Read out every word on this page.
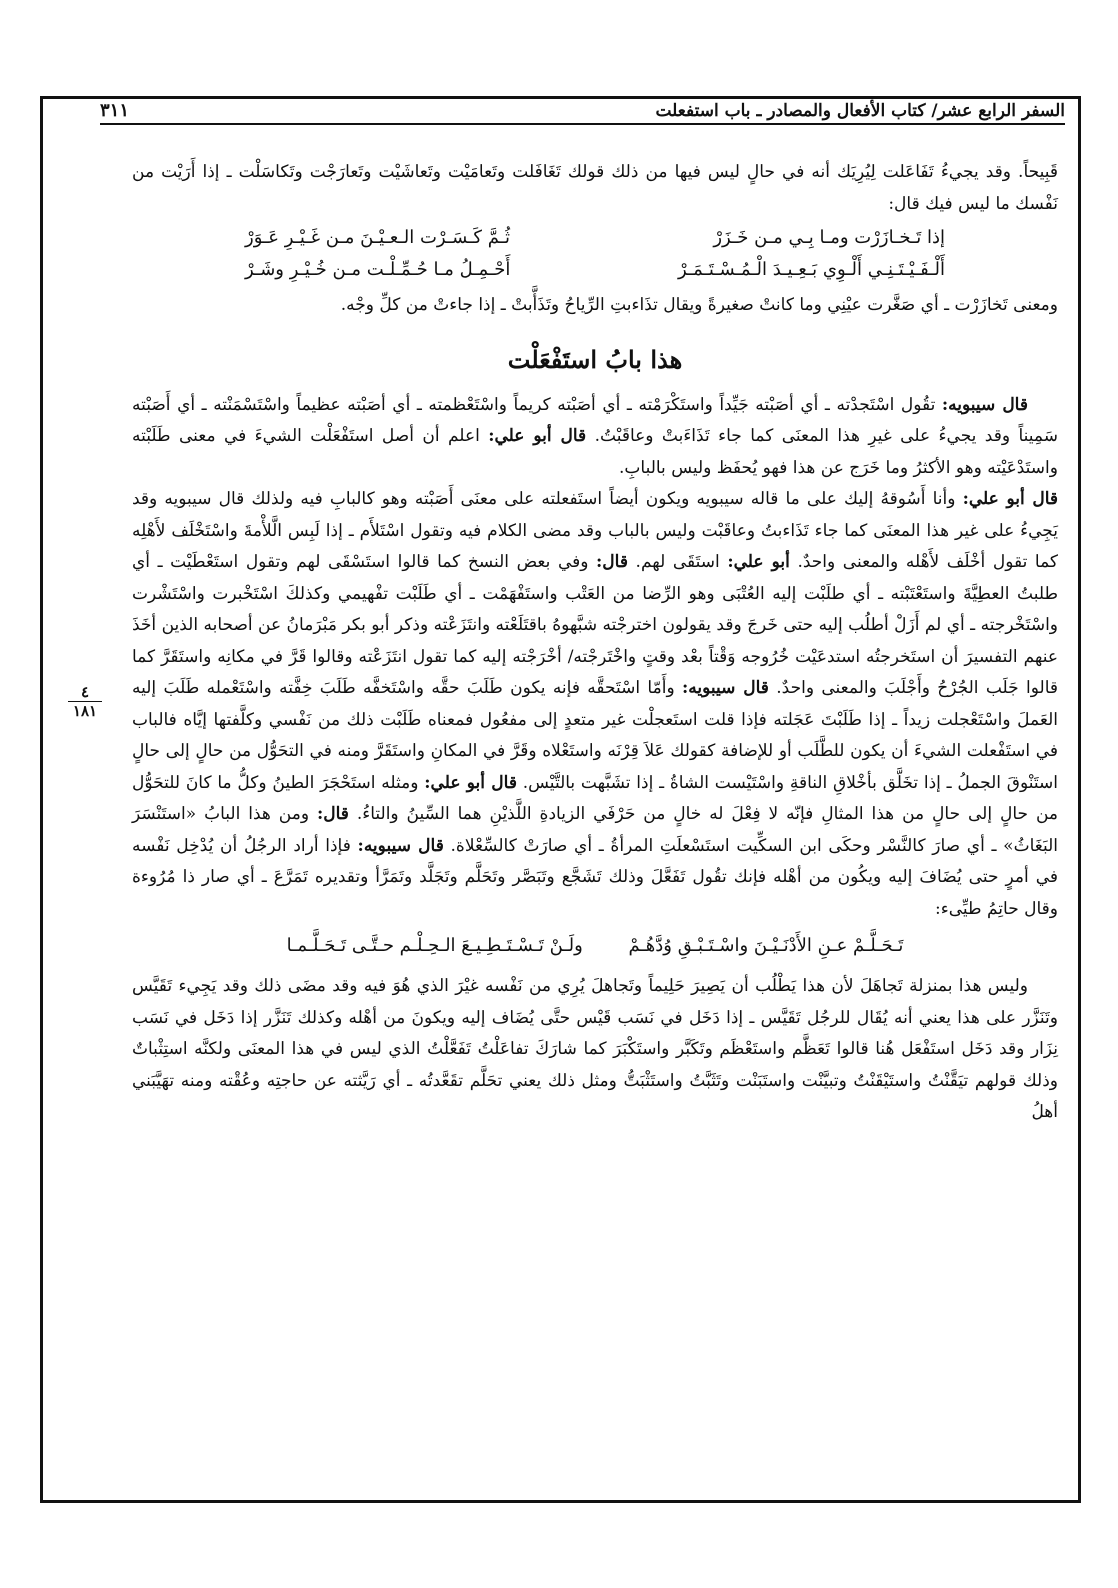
السفر الرابع عشر/ كتاب الأفعال والمصادر ـ باب استفعلت
٣١١
٤
١٨١

قَبِيحاً. وقد يجيءُ تَفَاعَلت لِيُرِيَك أنه في حالٍ ليس فيها من ذلك قولك تَغَافَلت وتَعامَيْت وتَعاشَيْت وتَعارَجْت وتَكاسَلْت ـ إذا أَرَيْت من نَفْسك ما ليس فيك قال:

إذا تَـخـازَرْت ومـا بِـي مـن خَـزَرْ
ثُـمَّ كَـسَـرْت الـعـيْـنَ مـن غَـيْـرِ عَـوَرْ
أَلْـفَـيْـتَـنِـي أَلْـوِي بَـعِـيـدَ الْـمُـسْـتَـمَـرْ
أَحْـمِـلُ مـا حُـمِّـلْـت مـن خُـيْـرِ وشَـرْ

ومعنى تَخازَرْت ـ أي صَغَّرت عيْنِي وما كانتْ صغيرةً ويقال تذَاءبتِ الرِّياحُ وتَذَأَّبتْ ـ إذا جاءتْ من كلِّ وجْه.

هذا بابُ استَفْعَلْت

قال سيبويه: تقُول اسْتَجدْته ـ أي أصَبْته جَيِّداً واستَكْرَمْته ـ أي أصَبْته كريماً واسْتَعْظمته ـ أي أصَبْته عظيماً واسْتَسْمَنْته ـ أي أَصَبْته سَمِيناً وقد يجيءُ على غيرِ هذا المعنَى كما جاء تَذَاءَبتْ وعاقَبْتُ. قال أبو علي: اعلم أن أصل استَفْعَلْت الشيءَ في معنى طَلَبْته واستَدْعَيْته وهو الأكثرُ وما خَرَج عن هذا فهو يُحفَظ وليس بالبابِ.

قال أبو علي: وأنا أَسُوقهُ إليك على ما قاله سيبويه ويكون أيضاً استَفعلته على معنَى أَصَبْته وهو كالبابِ فيه ولذلك قال سيبويه وقد يَجِيءُ على غير هذا المعنَى كما جاء تَذَاءبتُ وعاقَبْت وليس بالباب وقد مضى الكلام فيه وتقول اسْتَلأَم ـ إذا لَبِس الَّلأْمةَ واسْتَخْلَف لأَهْلِه كما تقول أخْلَف لأَهْله والمعنى واحدٌ. أبو علي: استَقَى لهم. قال: وفي بعض النسخ كما قالوا استَسْقَى لهم وتقول استَعْطَيْت ـ أي طلبتُ العطِيَّةَ واستَعْتَبْته ـ أي طلَبْت إليه العُتْبَى وهو الرِّضا من العَتْب واستَفْهَمْت ـ أي طَلَبْت تفْهيمي وكذلكَ اسْتَخْبرت واسْتَشْرت واسْتَخْرجته ـ أي لم أَزَلْ أطلُب إليه حتى خَرجَ وقد يقولون اخترجْته شبَّهوهُ باقتَلَعْته وانتَزَعْته وذكر أبو بكر مَبْرَمانُ عن أصحابه الذين أخَذَ عنهم التفسيرَ أن استَخرجتُه استدعَيْت خُرُوجه وَقْتاً بعْد وقتٍ واخْتَرجْته/ أخْرَجْته إليه كما تقول انتَزَعْته وقالوا قَرَّ في مكانِه واستَقَرَّ كما قالوا جَلَب الجُرْحُ وأَجْلَبَ والمعنى واحدٌ. قال سيبويه: وأَمّا اسْتَحقَّه فإنه يكون طَلَبَ حقَّه واسْتَخفَّه طَلَبَ خِفَّته واسْتَعْمله طَلَبَ إليه العَملَ واسْتَعْجلت زيداً ـ إذا طَلَبْتَ عَجَلته فإذا قلت استَعجلْت غير متعدٍ إلى مفعُول فمعناه طَلَبْت ذلك من نَفْسي وكلَّفتها إيَّاه فالباب في استَفْعلت الشيءَ أن يكون للطَّلَب أو للإضافة كقولك عَلاَ قِرْنَه واستَعْلاه وقَرَّ في المكانِ واستَقَرَّ ومنه في التحَوُّل من حالٍ إلى حالٍ استَنْوقَ الجملُ ـ إذا تخَلَّق بأخْلاقِ الناقةِ واسْتَيْست الشاةُ ـ إذا تشَبَّهت بالتَّيْس. قال أبو علي: ومثله استَحْجَرَ الطينُ وكلُّ ما كانَ للتحَوُّل من حالٍ إلى حالٍ من هذا المثالِ فإنّه لا فِعْلَ له خالٍ من حَرْفَي الزيادةِ اللَّذيْنِ هما السِّينُ والتاءُ. قال: ومن هذا البابُ «استَنْسَرَ البَغَاثُ» ـ أي صارَ كالنَّسْر وحكَى ابن السكِّيت استَسْعلَتِ المرأةُ ـ أي صارَتْ كالسِّعْلاة. قال سيبويه: فإذا أراد الرجُلُ أن يُدْخِل نَفْسه في أمرٍ حتى يُضَافَ إليه ويكُون من أهْله فإنك تقُول تَفَعَّلَ وذلك تَشَجَّع وتَبَصَّر وتَحَلَّم وتَجَلَّد وتَمَرَّأ وتقديره تَمَرَّعَ ـ أي صار ذا مُرُوءة وقال حاتِمُ طيِّىء:

تَـحَـلَّـمْ عـنِ الأَدْنَـيْـنَ واسْـتَـبْـقِ وُدَّهُـمْ ولَـنْ تَـسْـتَـطِـيـعَ الـحِـلْـم حـتَّـى تَـحَـلَّـمـا

وليس هذا بمنزلة تَجاهَلَ لأن هذا يَطْلُب أن يَصِيرَ حَلِيماً وتَجاهلَ يُرِي من نَفْسه غيْرَ الذي هُوَ فيه وقد مضَى ذلك وقد يَجِيء تَقَيَّس وتَنَزَّر على هذا يعني أنه يُقَال للرجُل تَقَيَّس ـ إذا دَخَل في نَسَب قَيْس حتَّى يُضَاف إليه ويكونَ من أهْله وكذلك تَنَزَّر إذا دَخَل في نَسَب نِزَار وقد دَخَل استَفْعَل هُنا قالوا تَعَظَّم واستَعْظَم وتَكَبَّر واستَكْبَرَ كما شارَكَ تفاعَلْتُ تَفَعَّلْتُ الذي ليس في هذا المعنَى ولكنَّه استِثْباتٌ وذلك قولهم تيَقَّنْتُ واستَيْقَنْتُ وتبيَّنْت واستَبَنْت وتَثَبَّتُ واستَثْبَتُّ ومثل ذلك يعني تحَلَّم تقَعَّدتُه ـ أي رَيَّثته عن حاجتِه وعُقْته ومنه تهَيَّبَني أهلُ
